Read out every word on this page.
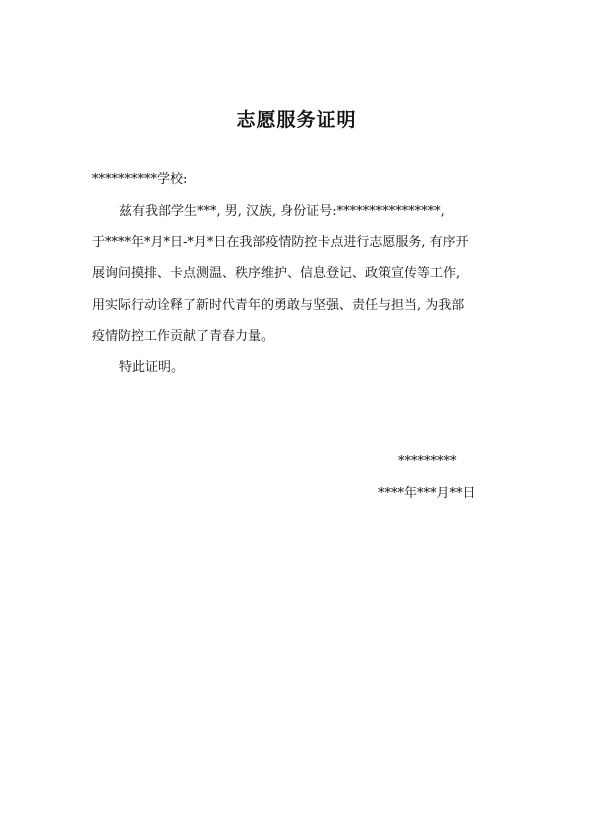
志愿服务证明
**********学校:
兹有我部学生***, 男, 汉族, 身份证号:****************,
于****年*月*日-*月*日在我部疫情防控卡点进行志愿服务, 有序开
展询问摸排、卡点测温、秩序维护、信息登记、政策宣传等工作,
用实际行动诠释了新时代青年的勇敢与坚强、责任与担当, 为我部
疫情防控工作贡献了青春力量。
特此证明。
*********
****年***月**日
